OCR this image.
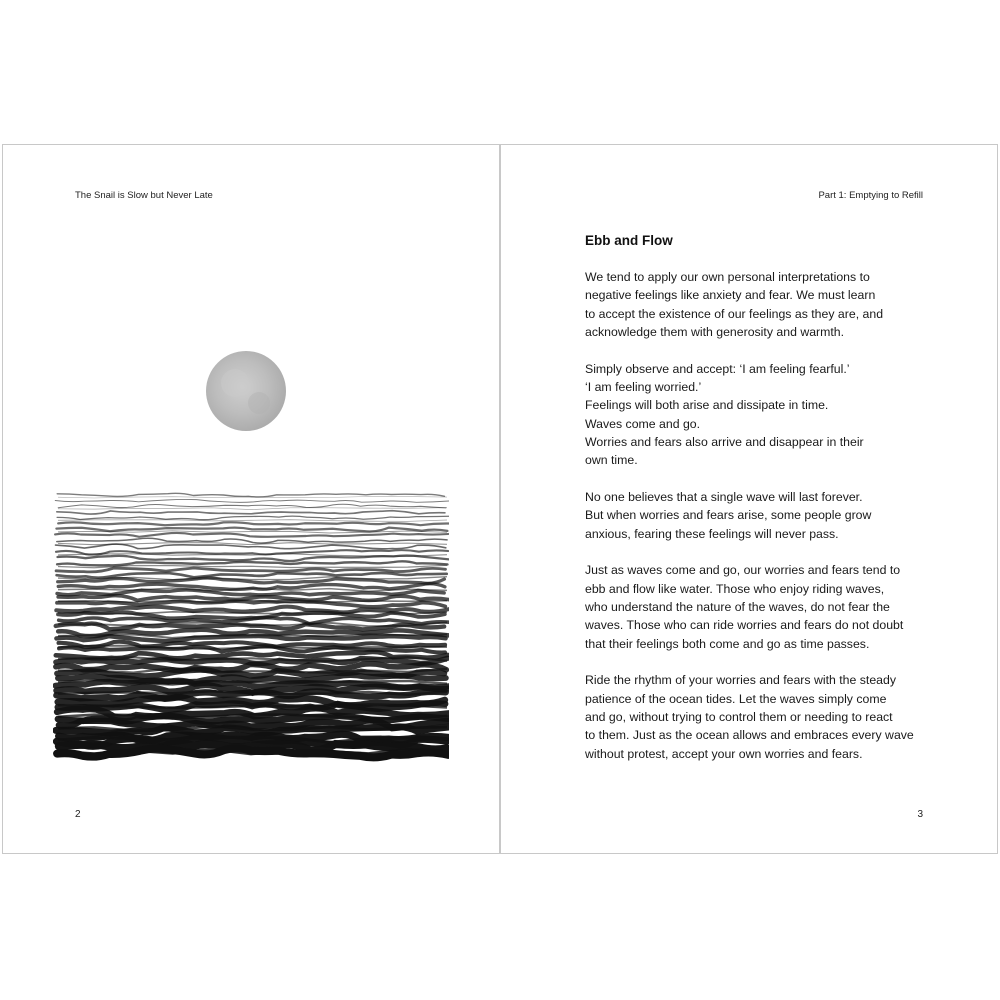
The Snail is Slow but Never Late
2
Part 1: Emptying to Refill
Ebb and Flow

We tend to apply our own personal interpretations to
negative feelings like anxiety and fear. We must learn
to accept the existence of our feelings as they are, and
acknowledge them with generosity and warmth.

Simply observe and accept: ‘I am feeling fearful.’
‘I am feeling worried.’
Feelings will both arise and dissipate in time.
Waves come and go.
Worries and fears also arrive and disappear in their
own time.

No one believes that a single wave will last forever.
But when worries and fears arise, some people grow
anxious, fearing these feelings will never pass.

Just as waves come and go, our worries and fears tend to
ebb and flow like water. Those who enjoy riding waves,
who understand the nature of the waves, do not fear the
waves. Those who can ride worries and fears do not doubt
that their feelings both come and go as time passes.

Ride the rhythm of your worries and fears with the steady
patience of the ocean tides. Let the waves simply come
and go, without trying to control them or needing to react
to them. Just as the ocean allows and embraces every wave
without protest, accept your own worries and fears.

3
